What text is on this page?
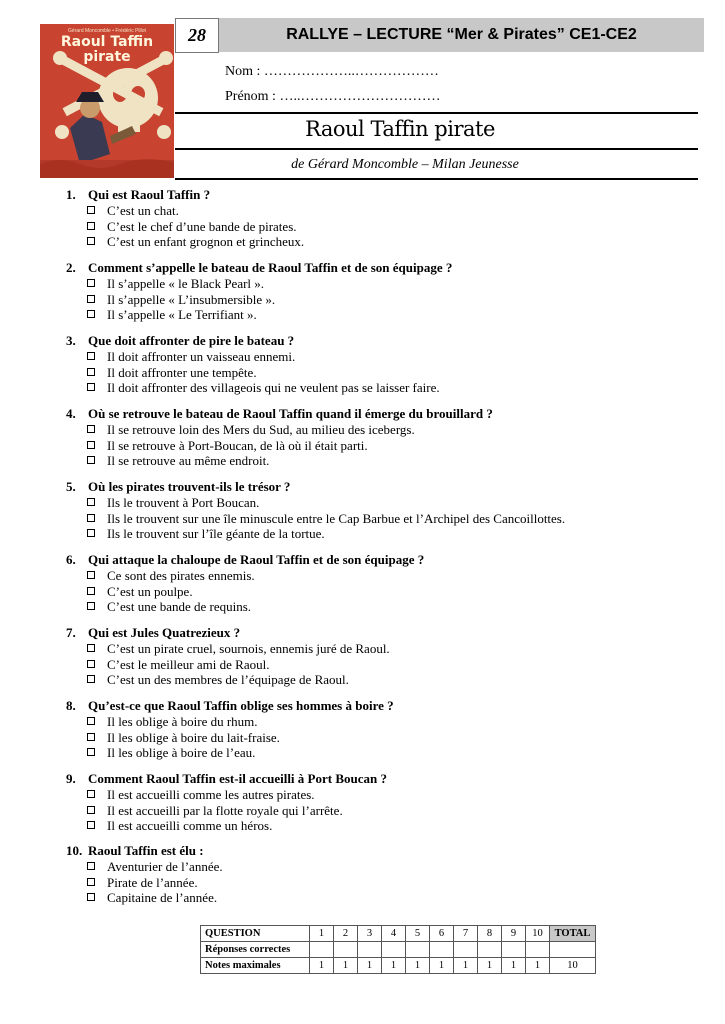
Gérard Moncomble • Frédéric Pillot
Raoul Taffin
pirate
28	RALLYE – LECTURE “Mer & Pirates” CE1-CE2
Nom : ………………..………………
Prénom : …..…………………………
Raoul Taffin pirate
de Gérard Moncomble – Milan Jeunesse
1. Qui est Raoul Taffin ?
C’est un chat.
C’est le chef d’une bande de pirates.
C’est un enfant grognon et grincheux.
2. Comment s’appelle le bateau de Raoul Taffin et de son équipage ?
Il s’appelle « le Black Pearl ».
Il s’appelle « L’insubmersible ».
Il s’appelle « Le Terrifiant ».
3. Que doit affronter de pire le bateau ?
Il doit affronter un vaisseau ennemi.
Il doit affronter une tempête.
Il doit affronter des villageois qui ne veulent pas se laisser faire.
4. Où se retrouve le bateau de Raoul Taffin quand il émerge du brouillard ?
Il se retrouve loin des Mers du Sud, au milieu des icebergs.
Il se retrouve à Port-Boucan, de là où il était parti.
Il se retrouve au même endroit.
5. Où les pirates trouvent-ils le trésor ?
Ils le trouvent à Port Boucan.
Ils le trouvent sur une île minuscule entre le Cap Barbue et l’Archipel des Cancoillottes.
Ils le trouvent sur l’île géante de la tortue.
6. Qui attaque la chaloupe de Raoul Taffin et de son équipage ?
Ce sont des pirates ennemis.
C’est un poulpe.
C’est une bande de requins.
7. Qui est Jules Quatrezieux ?
C’est un pirate cruel, sournois, ennemis juré de Raoul.
C’est le meilleur ami de Raoul.
C’est un des membres de l’équipage de Raoul.
8. Qu’est-ce que Raoul Taffin oblige ses hommes à boire ?
Il les oblige à boire du rhum.
Il les oblige à boire du lait-fraise.
Il les oblige à boire de l’eau.
9. Comment Raoul Taffin est-il accueilli à Port Boucan ?
Il est accueilli comme les autres pirates.
Il est accueilli par la flotte royale qui l’arrête.
Il est accueilli comme un héros.
10. Raoul Taffin est élu :
Aventurier de l’année.
Pirate de l’année.
Capitaine de l’année.
QUESTION	1	2	3	4	5	6	7	8	9	10	TOTAL
Réponses correctes											
Notes maximales	1	1	1	1	1	1	1	1	1	1	10
